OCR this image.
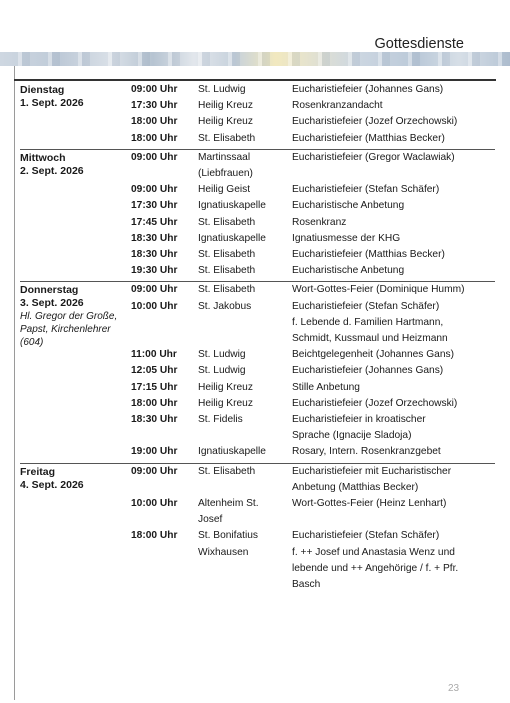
Gottesdienste
Dienstag
1. Sept. 2026
09:00 Uhr	St. Ludwig	Eucharistiefeier (Johannes Gans)
17:30 Uhr	Heilig Kreuz	Rosenkranzandacht
18:00 Uhr	Heilig Kreuz	Eucharistiefeier (Jozef Orzechowski)
18:00 Uhr	St. Elisabeth	Eucharistiefeier (Matthias Becker)
Mittwoch
2. Sept. 2026
09:00 Uhr	Martinssaal	Eucharistiefeier (Gregor Waclawiak)
(Liebfrauen)
09:00 Uhr	Heilig Geist	Eucharistiefeier (Stefan Schäfer)
17:30 Uhr	Ignatiuskapelle	Eucharistische Anbetung
17:45 Uhr	St. Elisabeth	Rosenkranz
18:30 Uhr	Ignatiuskapelle	Ignatiusmesse der KHG
18:30 Uhr	St. Elisabeth	Eucharistiefeier (Matthias Becker)
19:30 Uhr	St. Elisabeth	Eucharistische Anbetung
Donnerstag
3. Sept. 2026
Hl. Gregor der Große, Papst, Kirchenlehrer (604)
09:00 Uhr	St. Elisabeth	Wort-Gottes-Feier (Dominique Humm)
10:00 Uhr	St. Jakobus	Eucharistiefeier (Stefan Schäfer)
f. Lebende d. Familien Hartmann,
Schmidt, Kussmaul und Heizmann
11:00 Uhr	St. Ludwig	Beichtgelegenheit (Johannes Gans)
12:05 Uhr	St. Ludwig	Eucharistiefeier (Johannes Gans)
17:15 Uhr	Heilig Kreuz	Stille Anbetung
18:00 Uhr	Heilig Kreuz	Eucharistiefeier (Jozef Orzechowski)
18:30 Uhr	St. Fidelis	Eucharistiefeier in kroatischer
Sprache (Ignacije Sladoja)
19:00 Uhr	Ignatiuskapelle	Rosary, Intern. Rosenkranzgebet
Freitag
4. Sept. 2026
09:00 Uhr	St. Elisabeth	Eucharistiefeier mit Eucharistischer
Anbetung (Matthias Becker)
10:00 Uhr	Altenheim St.	Wort-Gottes-Feier (Heinz Lenhart)
Josef
18:00 Uhr	St. Bonifatius	Eucharistiefeier (Stefan Schäfer)
Wixhausen	f. ++ Josef und Anastasia Wenz und
lebende und ++ Angehörige / f. + Pfr.
Basch
23
